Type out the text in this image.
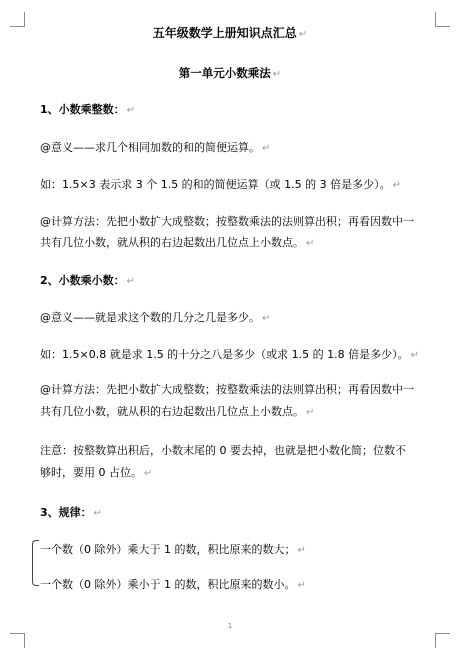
五年级数学上册知识点汇总 ↵
第一单元小数乘法 ↵
1、小数乘整数： ↵
@意义——求几个相同加数的和的简便运算。 ↵
如：1.5×3 表示求 3 个 1.5 的和的简便运算（或 1.5 的 3 倍是多少）。 ↵
@计算方法：先把小数扩大成整数；按整数乘法的法则算出积；再看因数中一
共有几位小数，就从积的右边起数出几位点上小数点。 ↵
2、小数乘小数： ↵
@意义——就是求这个数的几分之几是多少。 ↵
如：1.5×0.8 就是求 1.5 的十分之八是多少（或求 1.5 的 1.8 倍是多少）。 ↵
@计算方法：先把小数扩大成整数；按整数乘法的法则算出积；再看因数中一
共有几位小数，就从积的右边起数出几位点上小数点。 ↵
注意：按整数算出积后，小数末尾的 0 要去掉，也就是把小数化简；位数不
够时，要用 0 占位。 ↵
3、规律： ↵
一个数（0 除外）乘大于 1 的数，积比原来的数大； ↵
一个数（0 除外）乘小于 1 的数，积比原来的数小。 ↵
1
